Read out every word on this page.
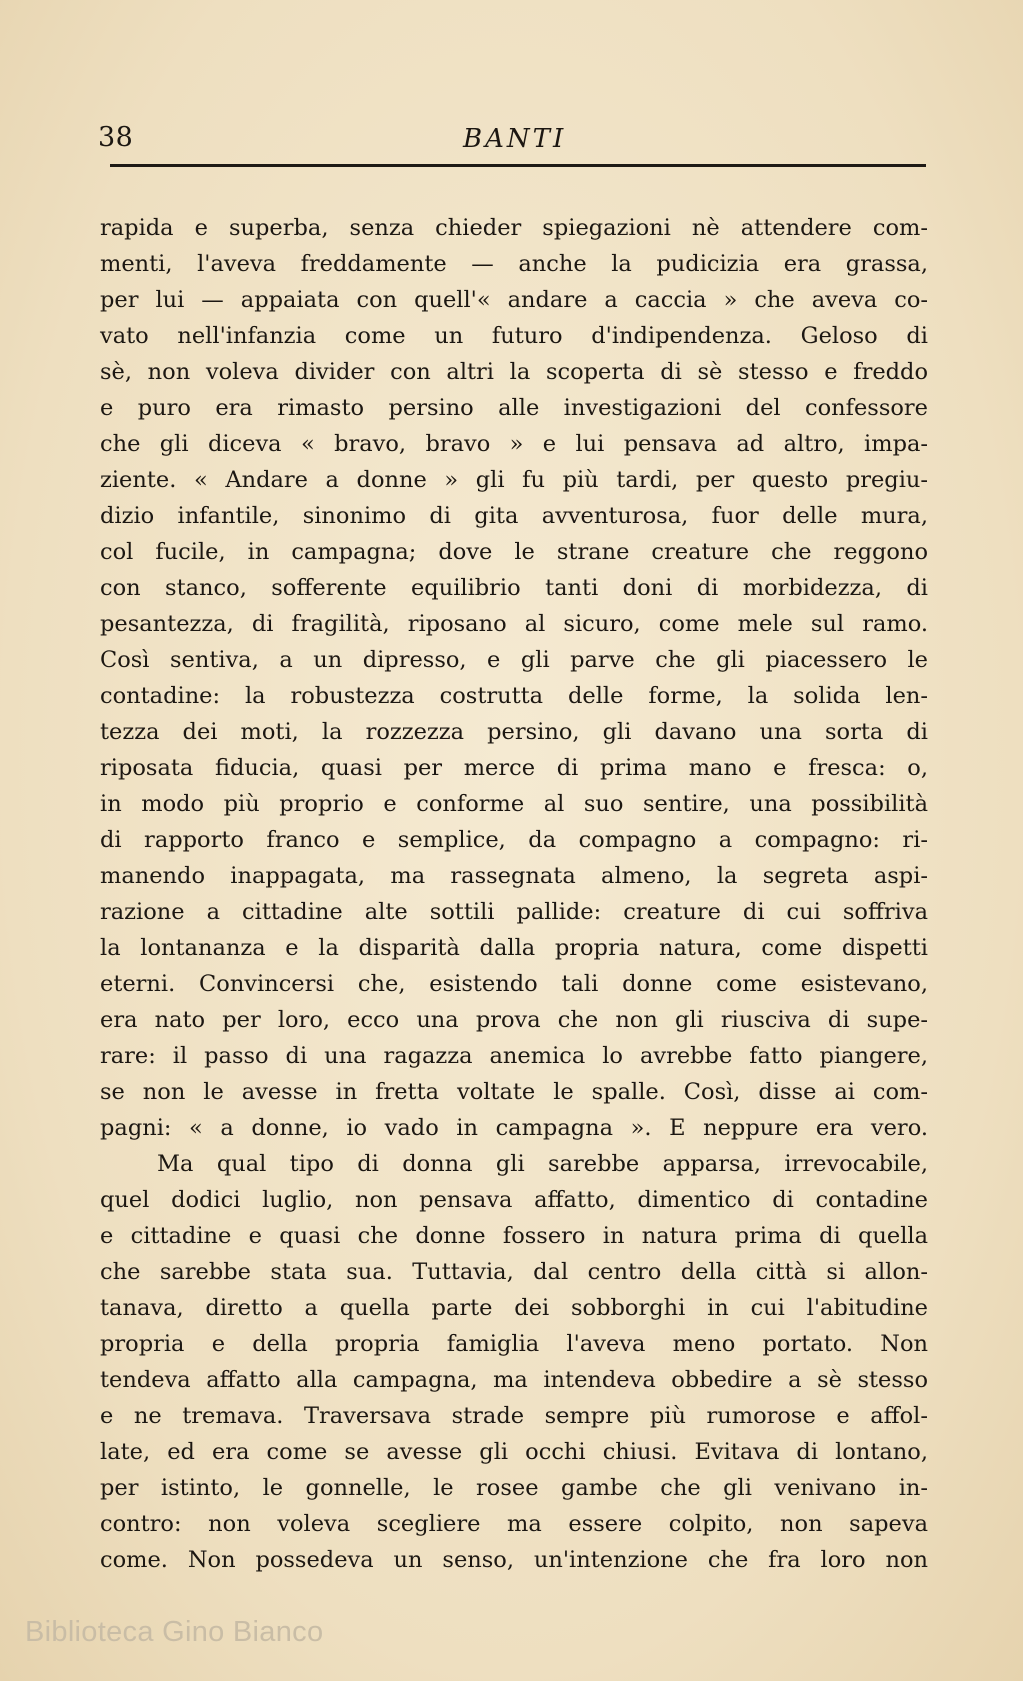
38	BANTI
rapida e superba, senza chieder spiegazioni nè attendere com-
menti, l'aveva freddamente — anche la pudicizia era grassa,
per lui — appaiata con quell'« andare a caccia » che aveva co-
vato nell'infanzia come un futuro d'indipendenza. Geloso di
sè, non voleva divider con altri la scoperta di sè stesso e freddo
e puro era rimasto persino alle investigazioni del confessore
che gli diceva « bravo, bravo » e lui pensava ad altro, impa-
ziente. « Andare a donne » gli fu più tardi, per questo pregiu-
dizio infantile, sinonimo di gita avventurosa, fuor delle mura,
col fucile, in campagna; dove le strane creature che reggono
con stanco, sofferente equilibrio tanti doni di morbidezza, di
pesantezza, di fragilità, riposano al sicuro, come mele sul ramo.
Così sentiva, a un dipresso, e gli parve che gli piacessero le
contadine: la robustezza costrutta delle forme, la solida len-
tezza dei moti, la rozzezza persino, gli davano una sorta di
riposata fiducia, quasi per merce di prima mano e fresca: o,
in modo più proprio e conforme al suo sentire, una possibilità
di rapporto franco e semplice, da compagno a compagno: ri-
manendo inappagata, ma rassegnata almeno, la segreta aspi-
razione a cittadine alte sottili pallide: creature di cui soffriva
la lontananza e la disparità dalla propria natura, come dispetti
eterni. Convincersi che, esistendo tali donne come esistevano,
era nato per loro, ecco una prova che non gli riusciva di supe-
rare: il passo di una ragazza anemica lo avrebbe fatto piangere,
se non le avesse in fretta voltate le spalle. Così, disse ai com-
pagni: « a donne, io vado in campagna ». E neppure era vero.
Ma qual tipo di donna gli sarebbe apparsa, irrevocabile,
quel dodici luglio, non pensava affatto, dimentico di contadine
e cittadine e quasi che donne fossero in natura prima di quella
che sarebbe stata sua. Tuttavia, dal centro della città si allon-
tanava, diretto a quella parte dei sobborghi in cui l'abitudine
propria e della propria famiglia l'aveva meno portato. Non
tendeva affatto alla campagna, ma intendeva obbedire a sè stesso
e ne tremava. Traversava strade sempre più rumorose e affol-
late, ed era come se avesse gli occhi chiusi. Evitava di lontano,
per istinto, le gonnelle, le rosee gambe che gli venivano in-
contro: non voleva scegliere ma essere colpito, non sapeva
come. Non possedeva un senso, un'intenzione che fra loro non
Biblioteca Gino Bianco
